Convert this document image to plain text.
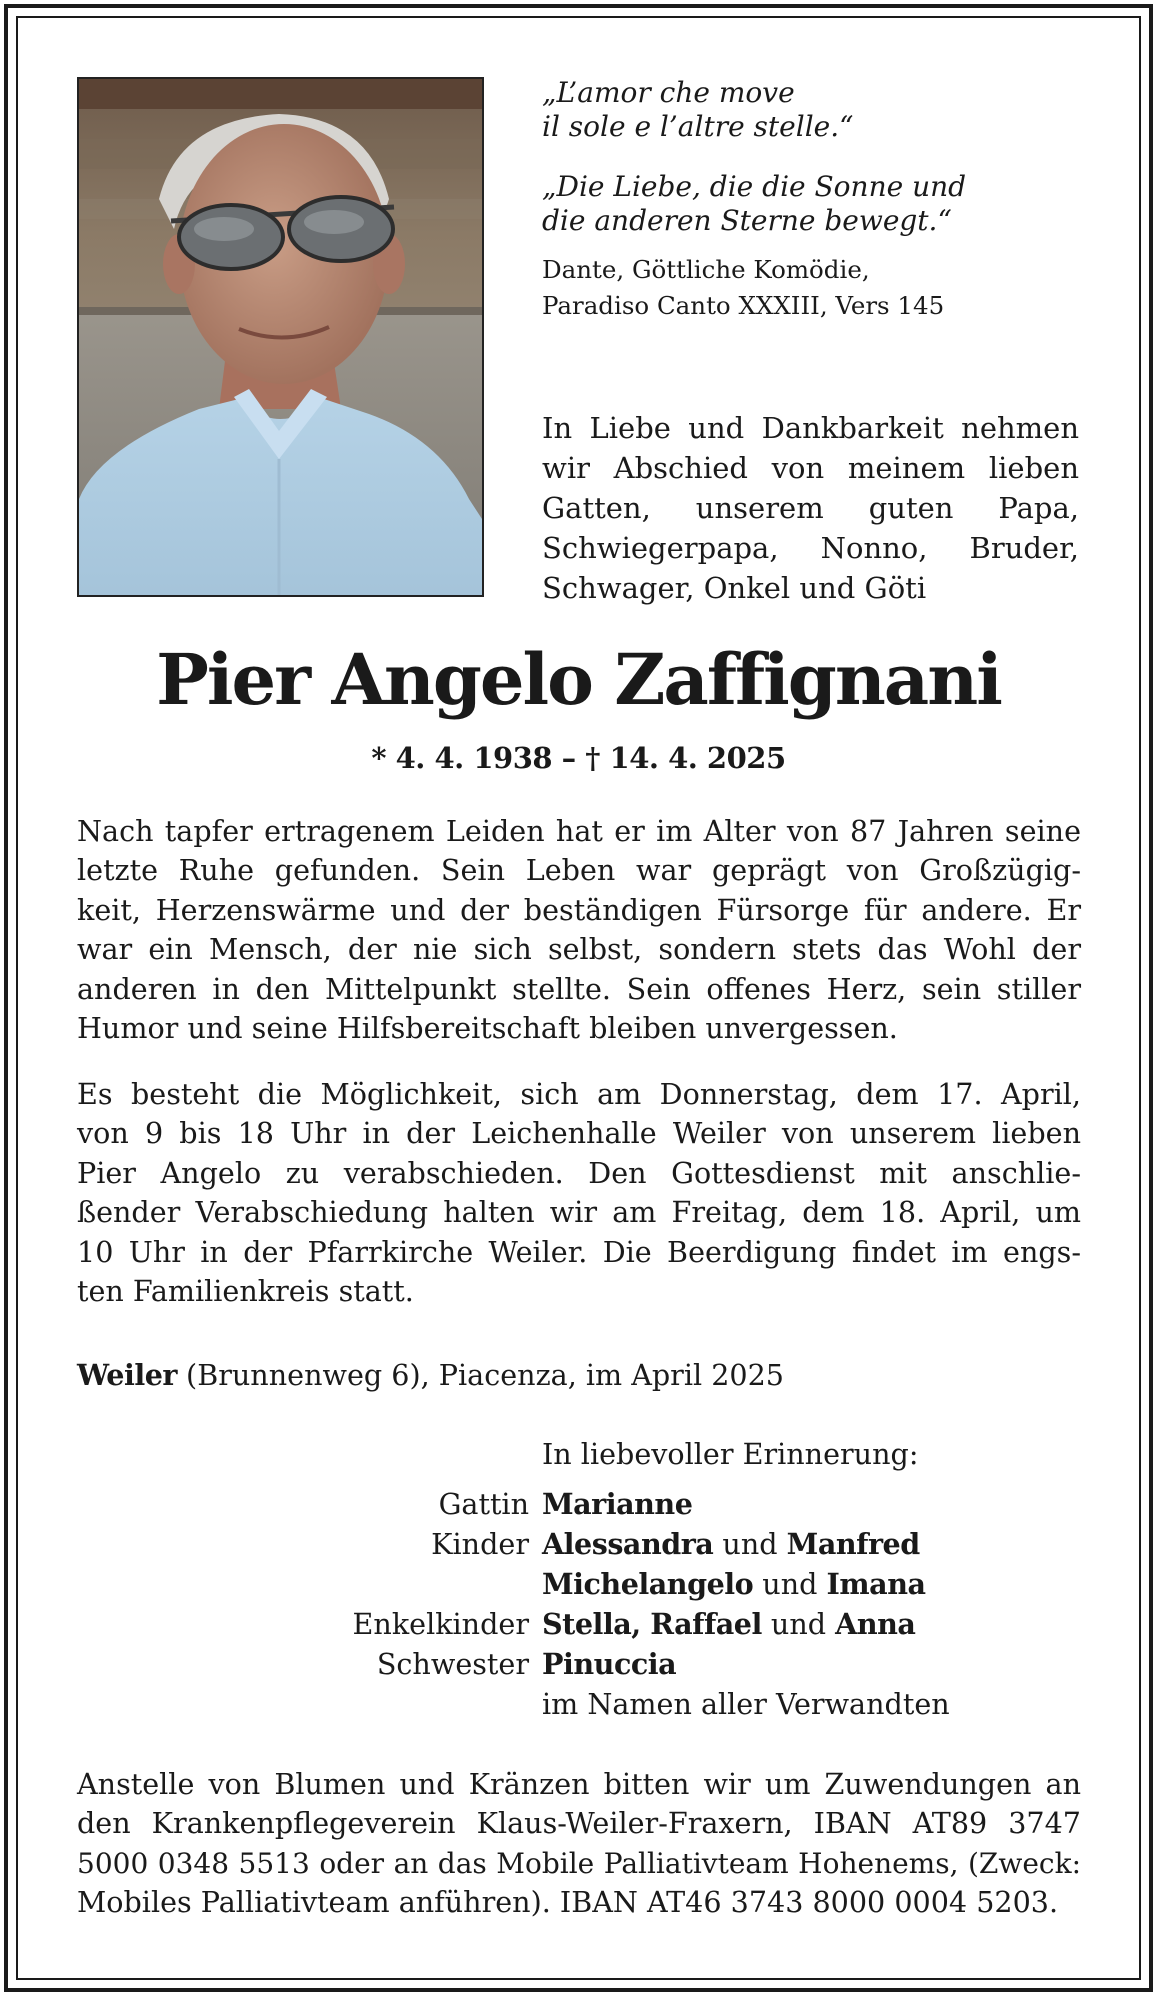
„L’amor che move
il sole e l’altre stelle.“
„Die Liebe, die die Sonne und
die anderen Sterne bewegt.“
Dante, Göttliche Komödie,
Paradiso Canto XXXIII, Vers 145
In Liebe und Dankbarkeit nehmen
wir Abschied von meinem lieben
Gatten, unserem guten Papa,
Schwiegerpapa, Nonno, Bruder,
Schwager, Onkel und Göti
Pier Angelo Zaffignani
* 4. 4. 1938 – † 14. 4. 2025
Nach tapfer ertragenem Leiden hat er im Alter von 87 Jahren seine
letzte Ruhe gefunden. Sein Leben war geprägt von Großzügig-
keit, Herzenswärme und der beständigen Fürsorge für andere. Er
war ein Mensch, der nie sich selbst, sondern stets das Wohl der
anderen in den Mittelpunkt stellte. Sein offenes Herz, sein stiller
Humor und seine Hilfsbereitschaft bleiben unvergessen.
Es besteht die Möglichkeit, sich am Donnerstag, dem 17. April,
von 9 bis 18 Uhr in der Leichenhalle Weiler von unserem lieben
Pier Angelo zu verabschieden. Den Gottesdienst mit anschlie-
ßender Verabschiedung halten wir am Freitag, dem 18. April, um
10 Uhr in der Pfarrkirche Weiler. Die Beerdigung findet im engs-
ten Familienkreis statt.
Weiler (Brunnenweg 6), Piacenza, im April 2025
In liebevoller Erinnerung:
Gattin Marianne
Kinder Alessandra und Manfred
Michelangelo und Imana
Enkelkinder Stella, Raffael und Anna
Schwester Pinuccia
im Namen aller Verwandten
Anstelle von Blumen und Kränzen bitten wir um Zuwendungen an
den Krankenpflegeverein Klaus-Weiler-Fraxern, IBAN AT89 3747
5000 0348 5513 oder an das Mobile Palliativteam Hohenems, (Zweck:
Mobiles Palliativteam anführen). IBAN AT46 3743 8000 0004 5203.
